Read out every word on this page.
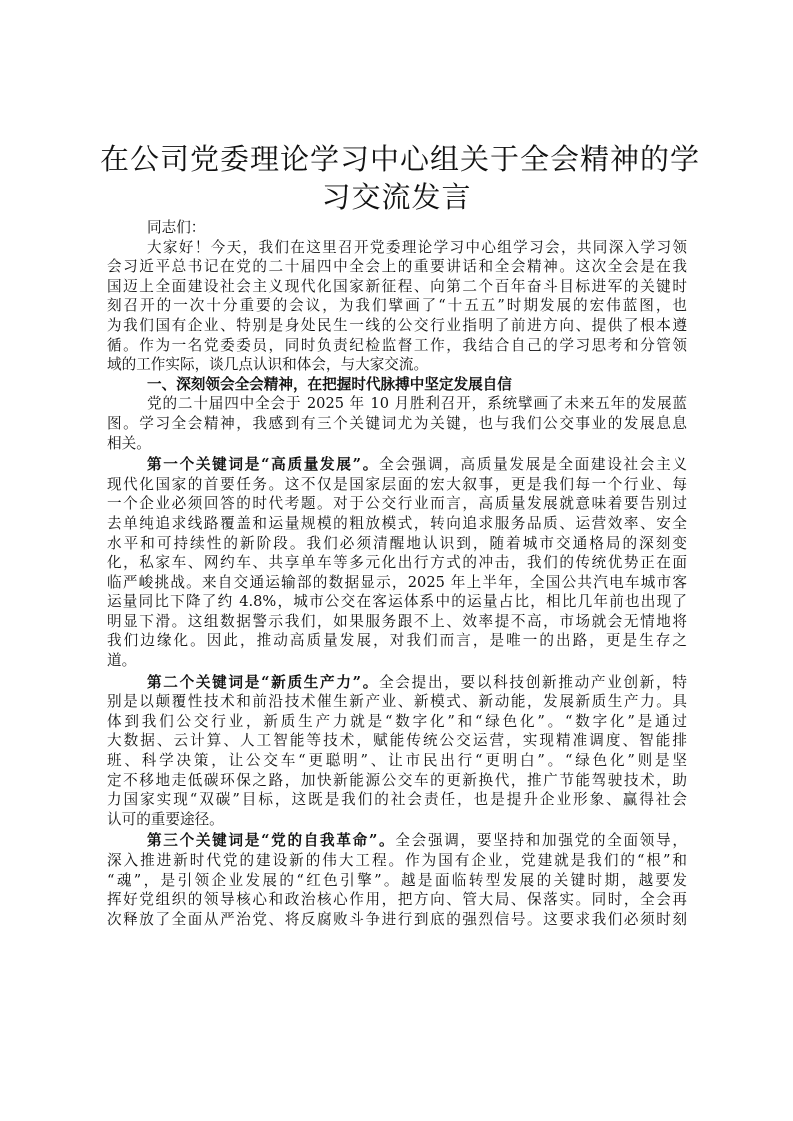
在公司党委理论学习中心组关于全会精神的学
习交流发言
同志们：
大家好！今天，我们在这里召开党委理论学习中心组学习会，共同深入学习领
会习近平总书记在党的二十届四中全会上的重要讲话和全会精神。这次全会是在我
国迈上全面建设社会主义现代化国家新征程、向第二个百年奋斗目标进军的关键时
刻召开的一次十分重要的会议，为我们擘画了“十五五”时期发展的宏伟蓝图，也
为我们国有企业、特别是身处民生一线的公交行业指明了前进方向、提供了根本遵
循。作为一名党委委员，同时负责纪检监督工作，我结合自己的学习思考和分管领
域的工作实际，谈几点认识和体会，与大家交流。
一、深刻领会全会精神，在把握时代脉搏中坚定发展自信
党的二十届四中全会于 2025 年 10 月胜利召开，系统擘画了未来五年的发展蓝
图。学习全会精神，我感到有三个关键词尤为关键，也与我们公交事业的发展息息
相关。
第一个关键词是“高质量发展”。全会强调，高质量发展是全面建设社会主义
现代化国家的首要任务。这不仅是国家层面的宏大叙事，更是我们每一个行业、每
一个企业必须回答的时代考题。对于公交行业而言，高质量发展就意味着要告别过
去单纯追求线路覆盖和运量规模的粗放模式，转向追求服务品质、运营效率、安全
水平和可持续性的新阶段。我们必须清醒地认识到，随着城市交通格局的深刻变
化，私家车、网约车、共享单车等多元化出行方式的冲击，我们的传统优势正在面
临严峻挑战。来自交通运输部的数据显示，2025 年上半年，全国公共汽电车城市客
运量同比下降了约 4.8%，城市公交在客运体系中的运量占比，相比几年前也出现了
明显下滑。这组数据警示我们，如果服务跟不上、效率提不高，市场就会无情地将
我们边缘化。因此，推动高质量发展，对我们而言，是唯一的出路，更是生存之
道。
第二个关键词是“新质生产力”。全会提出，要以科技创新推动产业创新，特
别是以颠覆性技术和前沿技术催生新产业、新模式、新动能，发展新质生产力。具
体到我们公交行业，新质生产力就是“数字化”和“绿色化”。“数字化”是通过
大数据、云计算、人工智能等技术，赋能传统公交运营，实现精准调度、智能排
班、科学决策，让公交车“更聪明”、让市民出行“更明白”。“绿色化”则是坚
定不移地走低碳环保之路，加快新能源公交车的更新换代，推广节能驾驶技术，助
力国家实现“双碳”目标，这既是我们的社会责任，也是提升企业形象、赢得社会
认可的重要途径。
第三个关键词是“党的自我革命”。全会强调，要坚持和加强党的全面领导，
深入推进新时代党的建设新的伟大工程。作为国有企业，党建就是我们的“根”和
“魂”，是引领企业发展的“红色引擎”。越是面临转型发展的关键时期，越要发
挥好党组织的领导核心和政治核心作用，把方向、管大局、保落实。同时，全会再
次释放了全面从严治党、将反腐败斗争进行到底的强烈信号。这要求我们必须时刻
